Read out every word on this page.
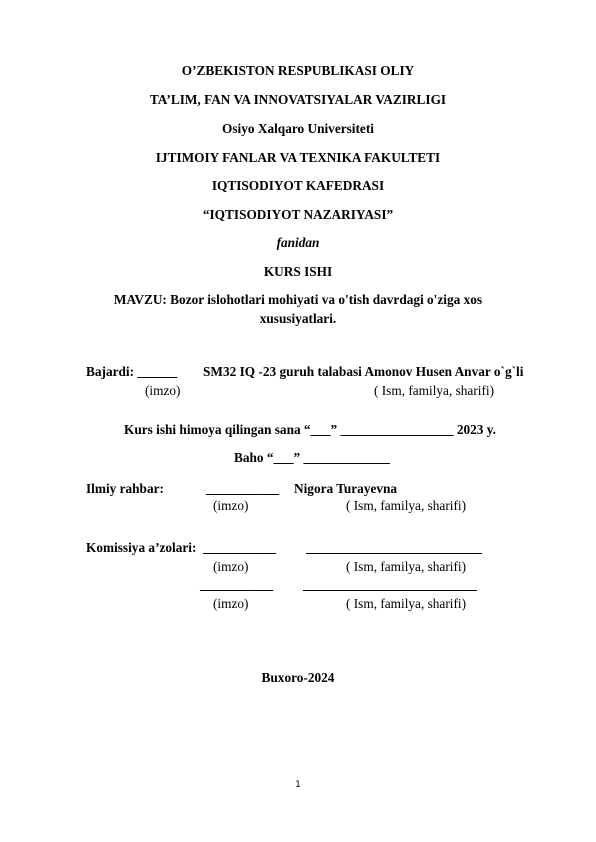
O’ZBEKISTON RESPUBLIKASI OLIY
TA’LIM, FAN VA INNOVATSIYALAR VAZIRLIGI
Osiyo Xalqaro Universiteti
IJTIMOIY FANLAR VA TEXNIKA FAKULTETI
IQTISODIYOT KAFEDRASI
“IQTISODIYOT NAZARIYASI”
fanidan
KURS ISHI
MAVZU: Bozor islohotlari mohiyati va o'tish davrdagi o'ziga xos
xususiyatlari.
Bajardi: ______ SM32 IQ -23 guruh talabasi Amonov Husen Anvar o`g`li
(imzo)	( Ism, familya, sharifi)
Kurs ishi himoya qilingan sana “___” _________________ 2023 y.
Baho “___” _____________
Ilmiy rahbar:	___________ Nigora Turayevna
(imzo)	( Ism, familya, sharifi)
Komissiya a’zolari: ___________
(imzo)	( Ism, familya, sharifi)
___________
(imzo)	( Ism, familya, sharifi)
Buxoro-2024
1
